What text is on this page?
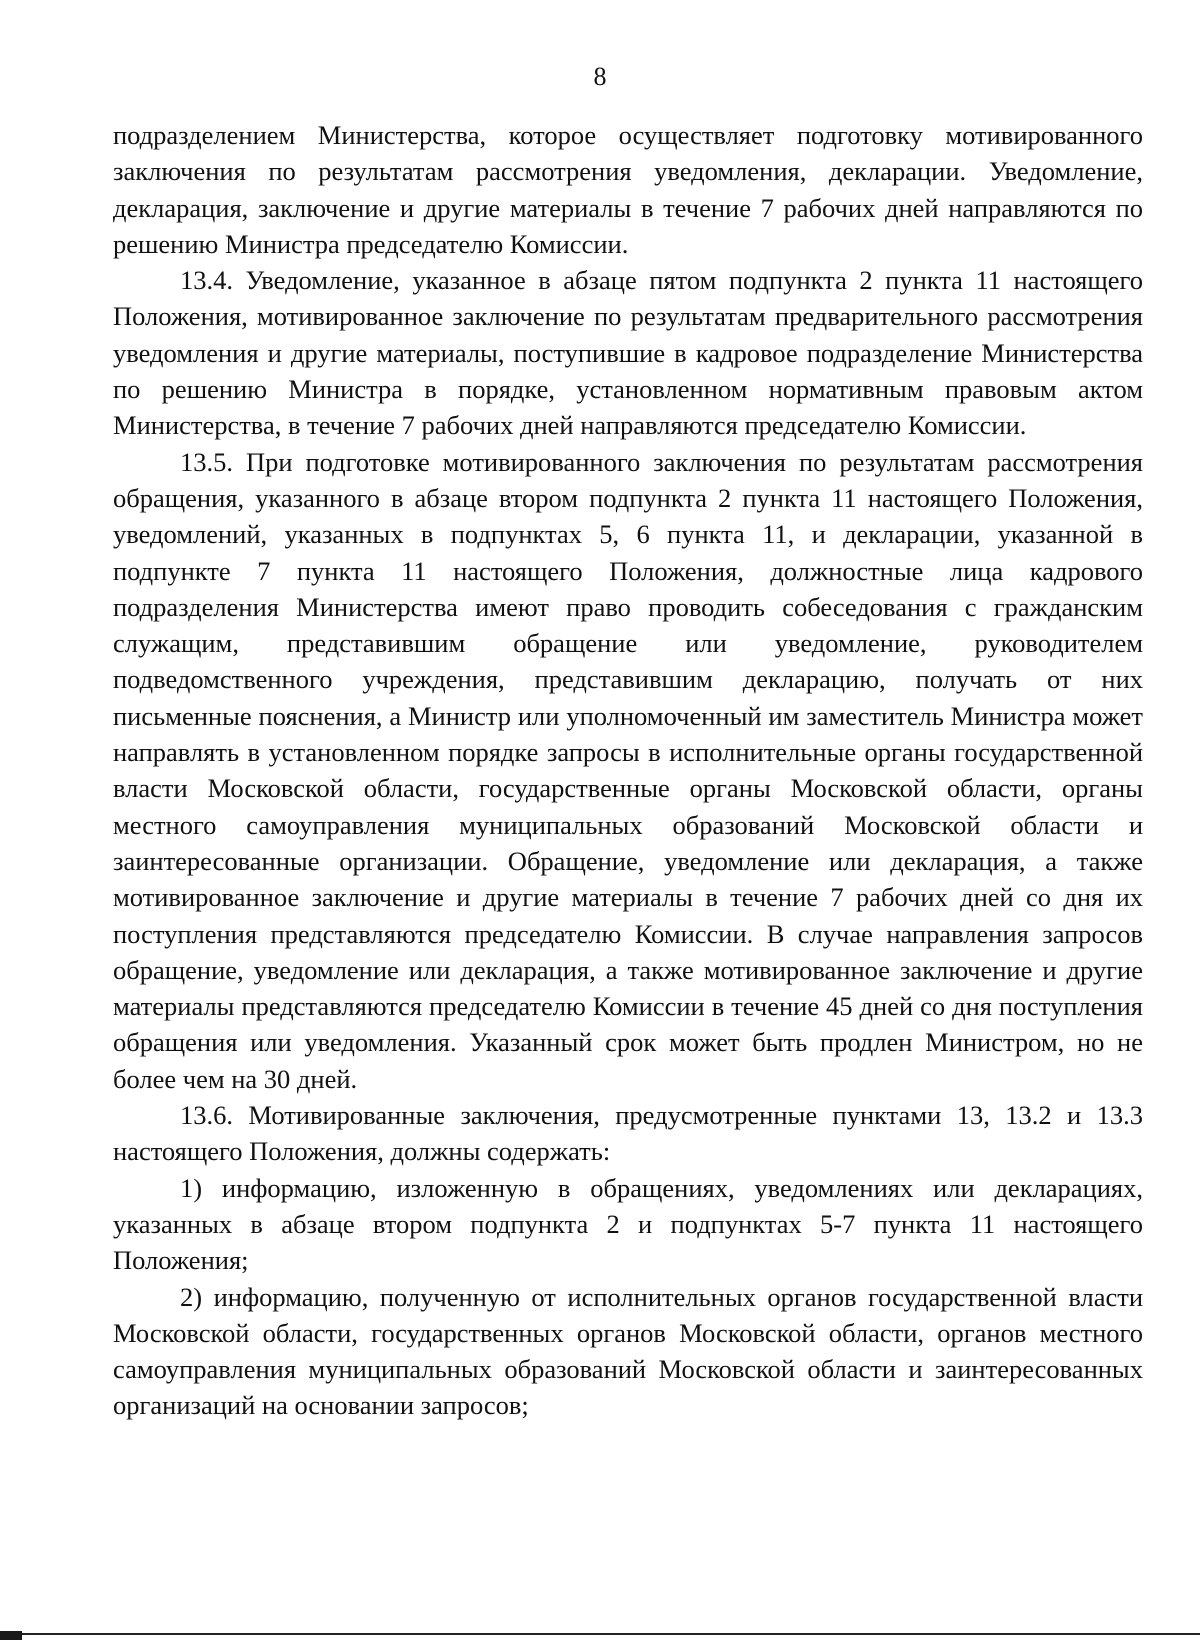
8

подразделением Министерства, которое осуществляет подготовку мотивированного заключения по результатам рассмотрения уведомления, декларации. Уведомление, декларация, заключение и другие материалы в течение 7 рабочих дней направляются по решению Министра председателю Комиссии.

13.4. Уведомление, указанное в абзаце пятом подпункта 2 пункта 11 настоящего Положения, мотивированное заключение по результатам предварительного рассмотрения уведомления и другие материалы, поступившие в кадровое подразделение Министерства по решению Министра в порядке, установленном нормативным правовым актом Министерства, в течение 7 рабочих дней направляются председателю Комиссии.

13.5. При подготовке мотивированного заключения по результатам рассмотрения обращения, указанного в абзаце втором подпункта 2 пункта 11 настоящего Положения, уведомлений, указанных в подпунктах 5, 6 пункта 11, и декларации, указанной в подпункте 7 пункта 11 настоящего Положения, должностные лица кадрового подразделения Министерства имеют право проводить собеседования с гражданским служащим, представившим обращение или уведомление, руководителем подведомственного учреждения, представившим декларацию, получать от них письменные пояснения, а Министр или уполномоченный им заместитель Министра может направлять в установленном порядке запросы в исполнительные органы государственной власти Московской области, государственные органы Московской области, органы местного самоуправления муниципальных образований Московской области и заинтересованные организации. Обращение, уведомление или декларация, а также мотивированное заключение и другие материалы в течение 7 рабочих дней со дня их поступления представляются председателю Комиссии. В случае направления запросов обращение, уведомление или декларация, а также мотивированное заключение и другие материалы представляются председателю Комиссии в течение 45 дней со дня поступления обращения или уведомления. Указанный срок может быть продлен Министром, но не более чем на 30 дней.

13.6. Мотивированные заключения, предусмотренные пунктами 13, 13.2 и 13.3 настоящего Положения, должны содержать:

1) информацию, изложенную в обращениях, уведомлениях или декларациях, указанных в абзаце втором подпункта 2 и подпунктах 5-7 пункта 11 настоящего Положения;

2) информацию, полученную от исполнительных органов государственной власти Московской области, государственных органов Московской области, органов местного самоуправления муниципальных образований Московской области и заинтересованных организаций на основании запросов;
